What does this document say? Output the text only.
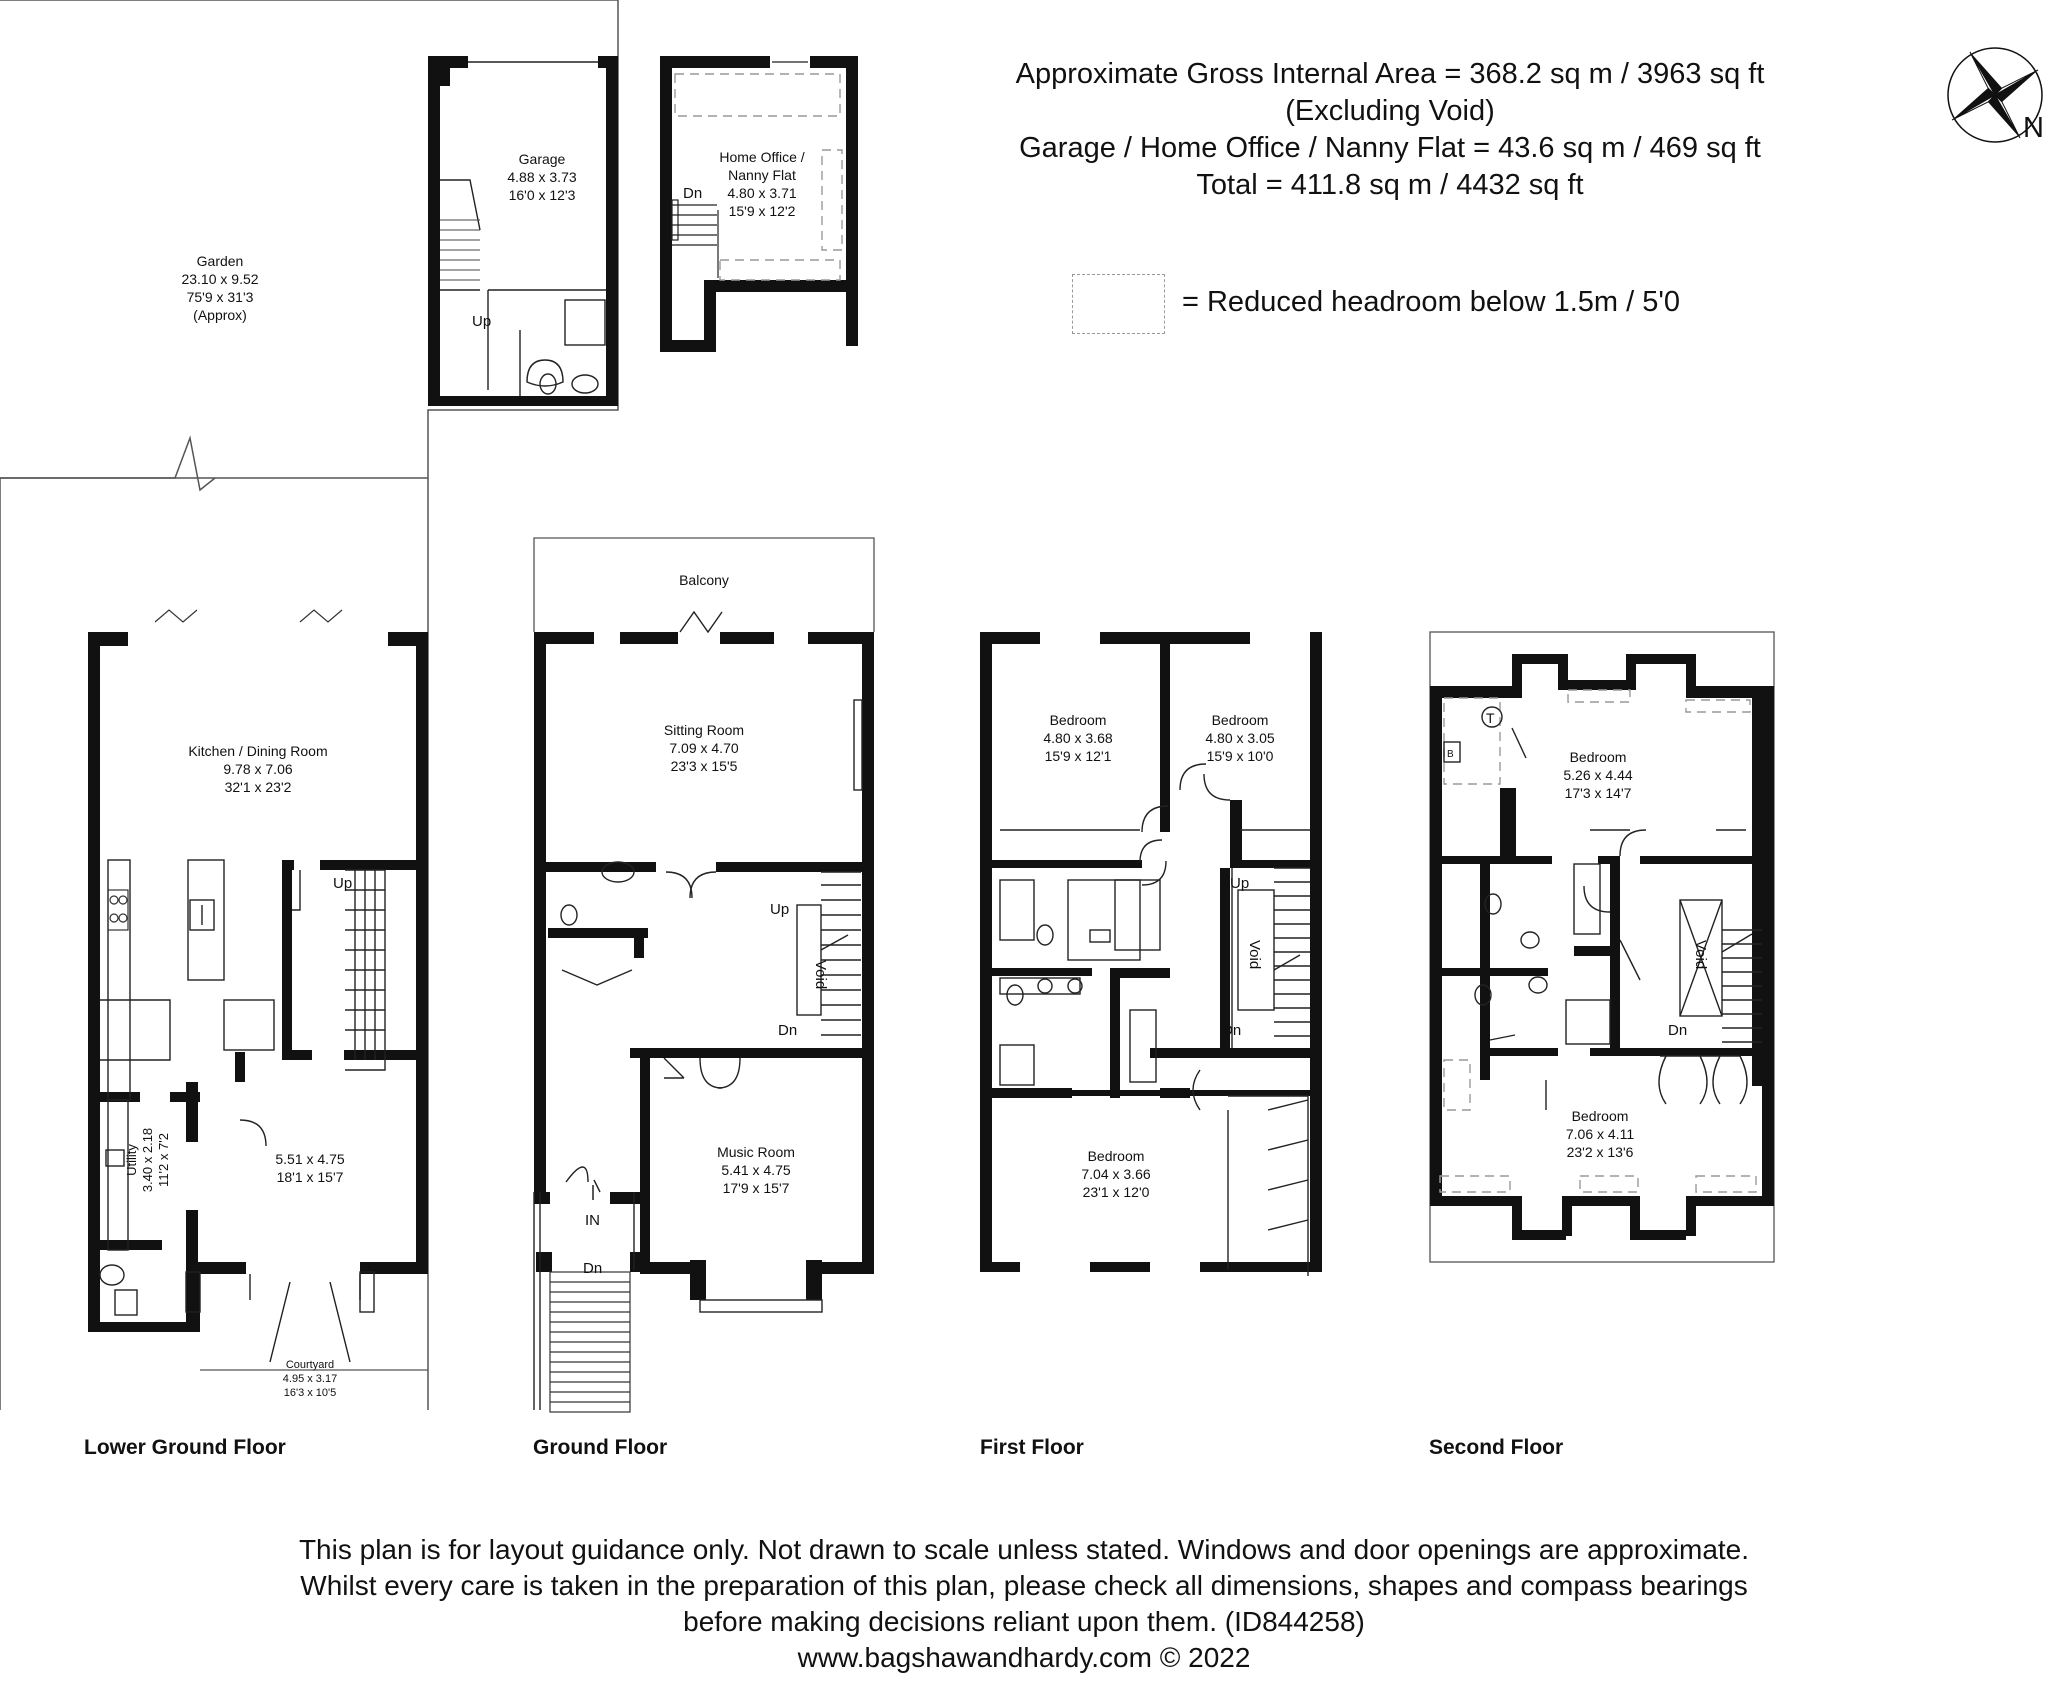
Up
Dn
Up
Up
Void
Dn
IN
Dn
Up
Void
Dn
T
B
Void
Dn
Garden
23.10 x 9.52
75'9 x 31'3
(Approx)
Garage
4.88 x 3.73
16'0 x 12'3
Home Office /
Nanny Flat
4.80 x 3.71
15'9 x 12'2
Kitchen / Dining Room
9.78 x 7.06
32'1 x 23'2
5.51 x 4.75
18'1 x 15'7
Courtyard
4.95 x 3.17
16'3 x 10'5
Balcony
Sitting Room
7.09 x 4.70
23'3 x 15'5
Music Room
5.41 x 4.75
17'9 x 15'7
Bedroom
4.80 x 3.68
15'9 x 12'1
Bedroom
4.80 x 3.05
15'9 x 10'0
Bedroom
7.04 x 3.66
23'1 x 12'0
Bedroom
5.26 x 4.44
17'3 x 14'7
Bedroom
7.06 x 4.11
23'2 x 13'6
Utility 3.40 x 2.18 11'2 x 7'2
Approximate Gross Internal Area = 368.2 sq m / 3963 sq ft
(Excluding Void)
Garage / Home Office / Nanny Flat = 43.6 sq m / 469 sq ft
Total = 411.8 sq m / 4432 sq ft
= Reduced headroom below 1.5m / 5'0
N
Lower Ground Floor	Ground Floor	First Floor	Second Floor
This plan is for layout guidance only. Not drawn to scale unless stated. Windows and door openings are approximate.
Whilst every care is taken in the preparation of this plan, please check all dimensions, shapes and compass bearings
before making decisions reliant upon them. (ID844258)
www.bagshawandhardy.com © 2022
